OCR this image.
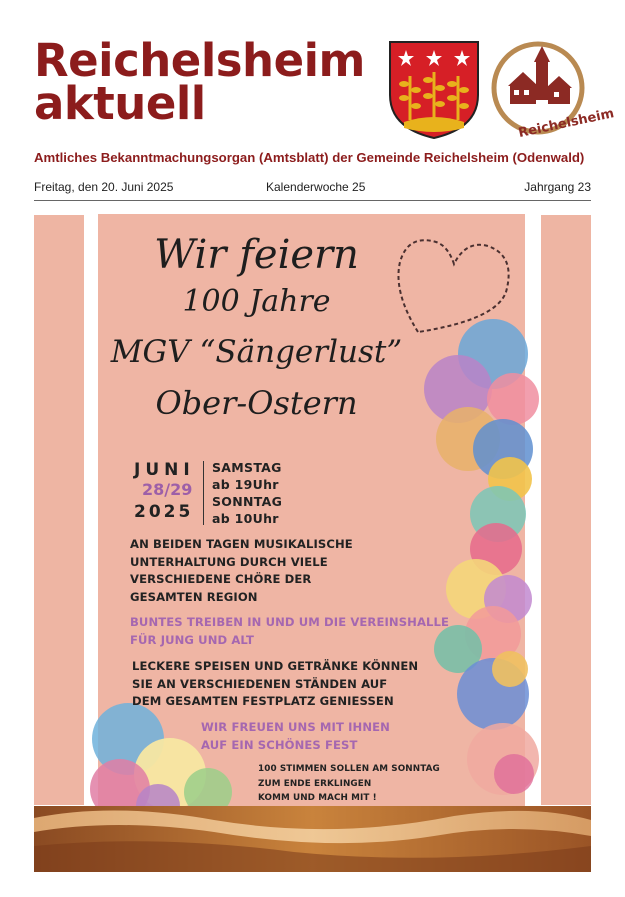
Reichelsheim
aktuell	Reichelsheim
Amtliches Bekanntmachungsorgan (Amtsblatt) der Gemeinde Reichelsheim (Odenwald)
Freitag, den 20. Juni 2025	Kalenderwoche 25	Jahrgang 23
Wir feiern
100 Jahre
MGV “Sängerlust”
Ober-Ostern
JUNI
28/29
2025
SAMSTAG
ab 19Uhr
SONNTAG
ab 10Uhr
AN BEIDEN TAGEN MUSIKALISCHE
UNTERHALTUNG DURCH VIELE
VERSCHIEDENE CHÖRE DER
GESAMTEN REGION
BUNTES TREIBEN IN UND UM DIE VEREINSHALLE
FÜR JUNG UND ALT
LECKERE SPEISEN UND GETRÄNKE KÖNNEN
SIE AN VERSCHIEDENEN STÄNDEN AUF
DEM GESAMTEN FESTPLATZ GENIESSEN
WIR FREUEN UNS MIT IHNEN
AUF EIN SCHÖNES FEST
100 STIMMEN SOLLEN AM SONNTAG
ZUM ENDE ERKLINGEN
KOMM UND MACH MIT !
